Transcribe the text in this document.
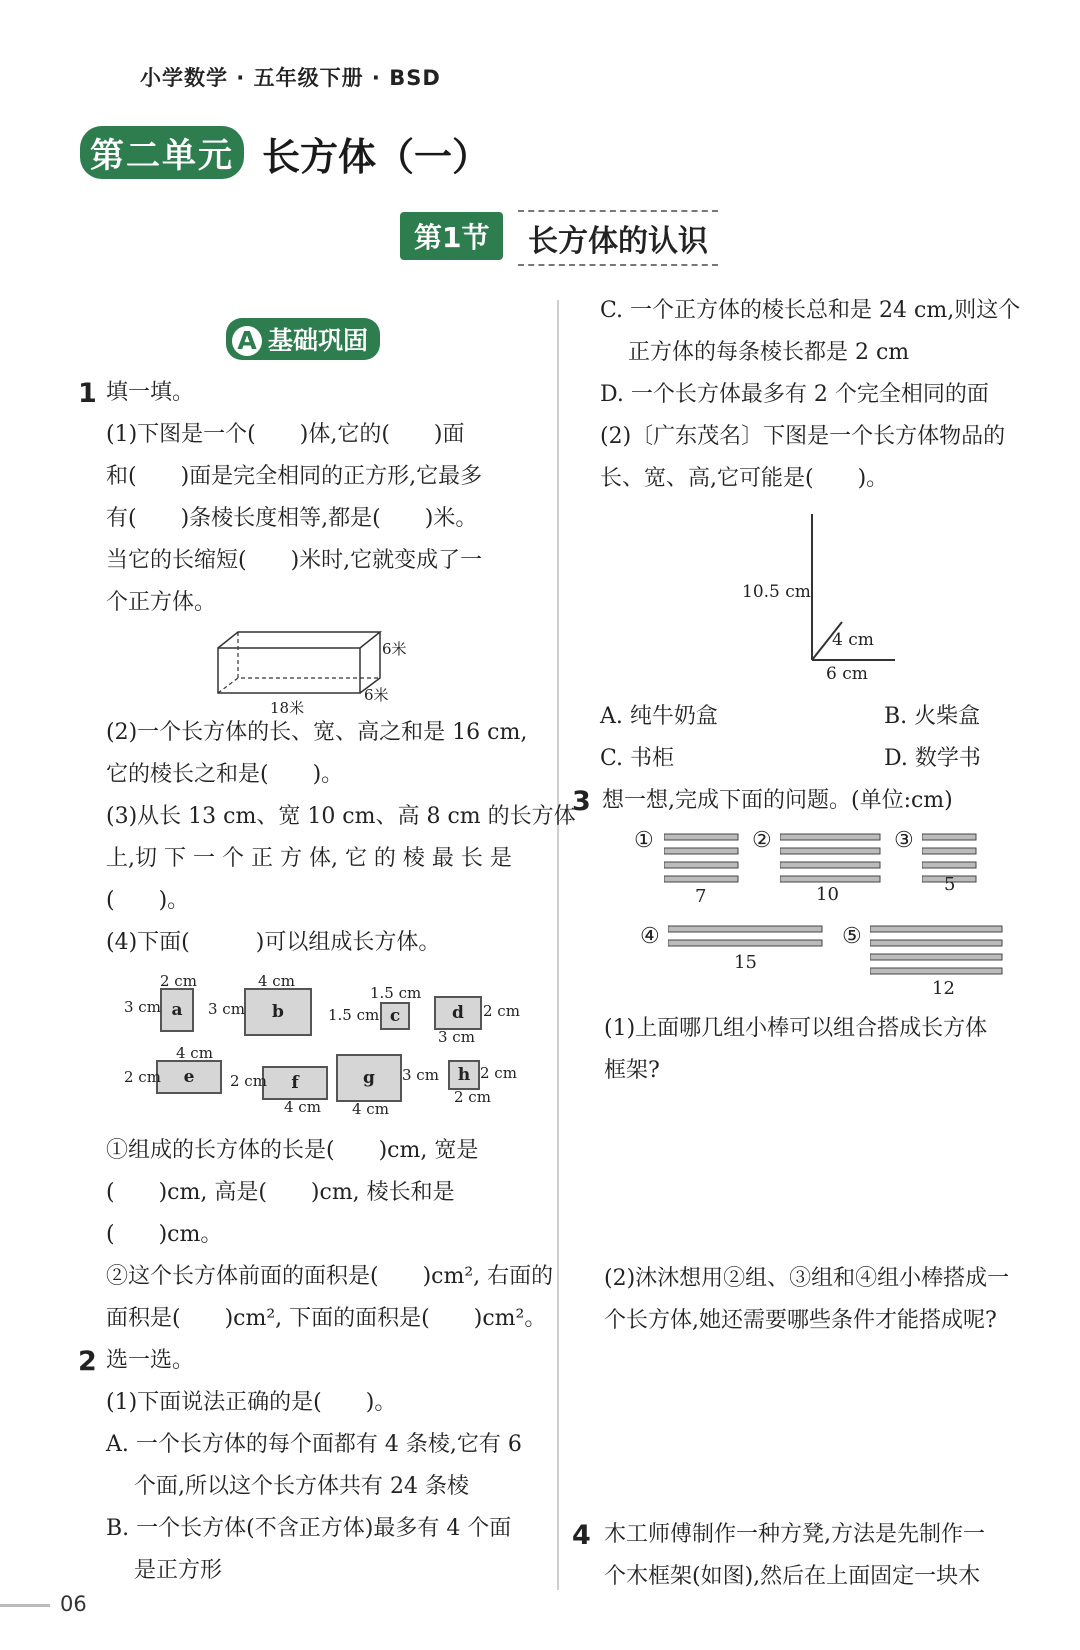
小学数学 · 五年级下册 · BSD
第二单元 长方体（一）
第1节	长方体的认识
A 基础巩固
1 填一填。
(1)下图是一个(　　)体,它的(　　)面
和(　　)面是完全相同的正方形,它最多
有(　　)条棱长度相等,都是(　　)米。
当它的长缩短(　　)米时,它就变成了一
个正方体。
6米
6米
18米
(2)一个长方体的长、宽、高之和是 16 cm,
它的棱长之和是(　　)。
(3)从长 13 cm、宽 10 cm、高 8 cm 的长方体
上,切 下 一 个 正 方 体, 它 的 棱 最 长 是
(　　)。
(4)下面(　　　)可以组成长方体。
a
2 cm
3 cm	b
4 cm
3 cm	c
1.5 cm
1.5 cm	d
3 cm
2 cm
e
4 cm
2 cm	f
4 cm
2 cm	g
4 cm
3 cm	h
2 cm
2 cm
①组成的长方体的长是(　　)cm, 宽是
(　　)cm, 高是(　　)cm, 棱长和是
(　　)cm。
②这个长方体前面的面积是(　　)cm², 右面的
面积是(　　)cm², 下面的面积是(　　)cm²。
2 选一选。
(1)下面说法正确的是(　　)。
A. 一个长方体的每个面都有 4 条棱,它有 6
个面,所以这个长方体共有 24 条棱
B. 一个长方体(不含正方体)最多有 4 个面
是正方形
C. 一个正方体的棱长总和是 24 cm,则这个
正方体的每条棱长都是 2 cm
D. 一个长方体最多有 2 个完全相同的面
(2)〔广东茂名〕下图是一个长方体物品的
长、宽、高,它可能是(　　)。
10.5 cm
4 cm
6 cm
A. 纯牛奶盒	B. 火柴盒
C. 书柜	D. 数学书
3 想一想,完成下面的问题。(单位:cm)
①
7
②
10
③
5
④
15
⑤
12
(1)上面哪几组小棒可以组合搭成长方体
框架?
(2)沐沐想用②组、③组和④组小棒搭成一
个长方体,她还需要哪些条件才能搭成呢?
4 木工师傅制作一种方凳,方法是先制作一
个木框架(如图),然后在上面固定一块木
06
